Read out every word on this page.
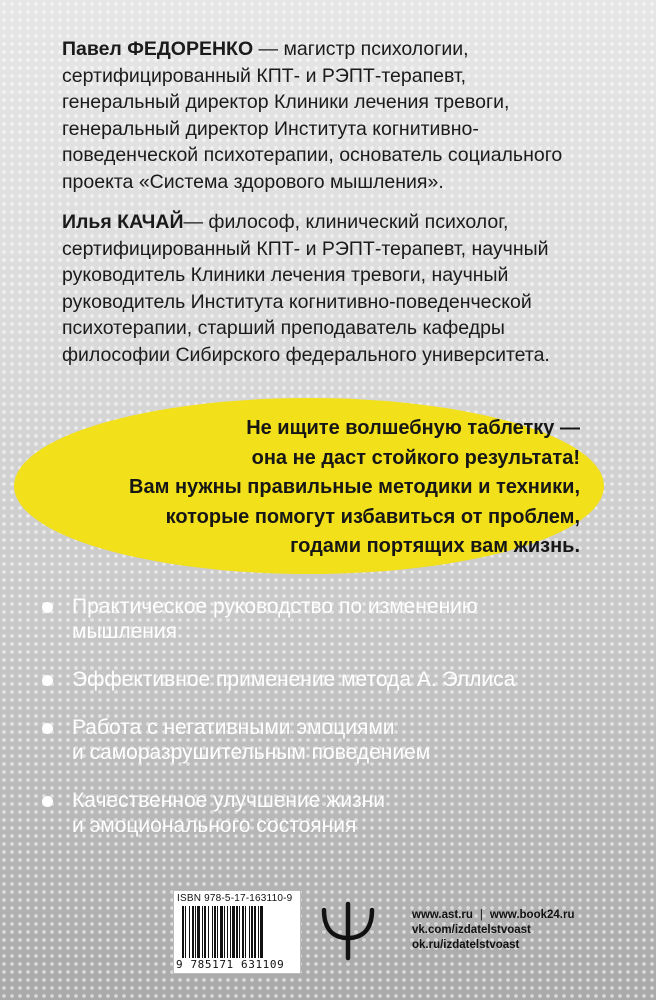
Павел ФЕДОРЕНКО — магистр психологии,

сертифицированный КПТ- и РЭПТ-терапевт,

генеральный директор Клиники лечения тревоги,

генеральный директор Института когнитивно-

поведенческой психотерапии, основатель социального

проекта «Система здорового мышления».

Илья КАЧАЙ— философ, клинический психолог,

сертифицированный КПТ- и РЭПТ-терапевт, научный

руководитель Клиники лечения тревоги, научный

руководитель Института когнитивно-поведенческой

психотерапии, старший преподаватель кафедры

философии Сибирского федерального университета.

Не ищите волшебную таблетку —
она не даст стойкого результата!
Вам нужны правильные методики и техники,
которые помогут избавиться от проблем,
годами портящих вам жизнь.
Практическое руководство по изменению
мышления
Эффективное применение метода А. Эллиса
Работа с негативными эмоциями
и саморазрушительным поведением
Качественное улучшение жизни
и эмоционального состояния
ISBN 978-5-17-163110-9
9 785171 631109
www.ast.ru | www.book24.ru
vk.com/izdatelstvoast
ok.ru/izdatelstvoast
